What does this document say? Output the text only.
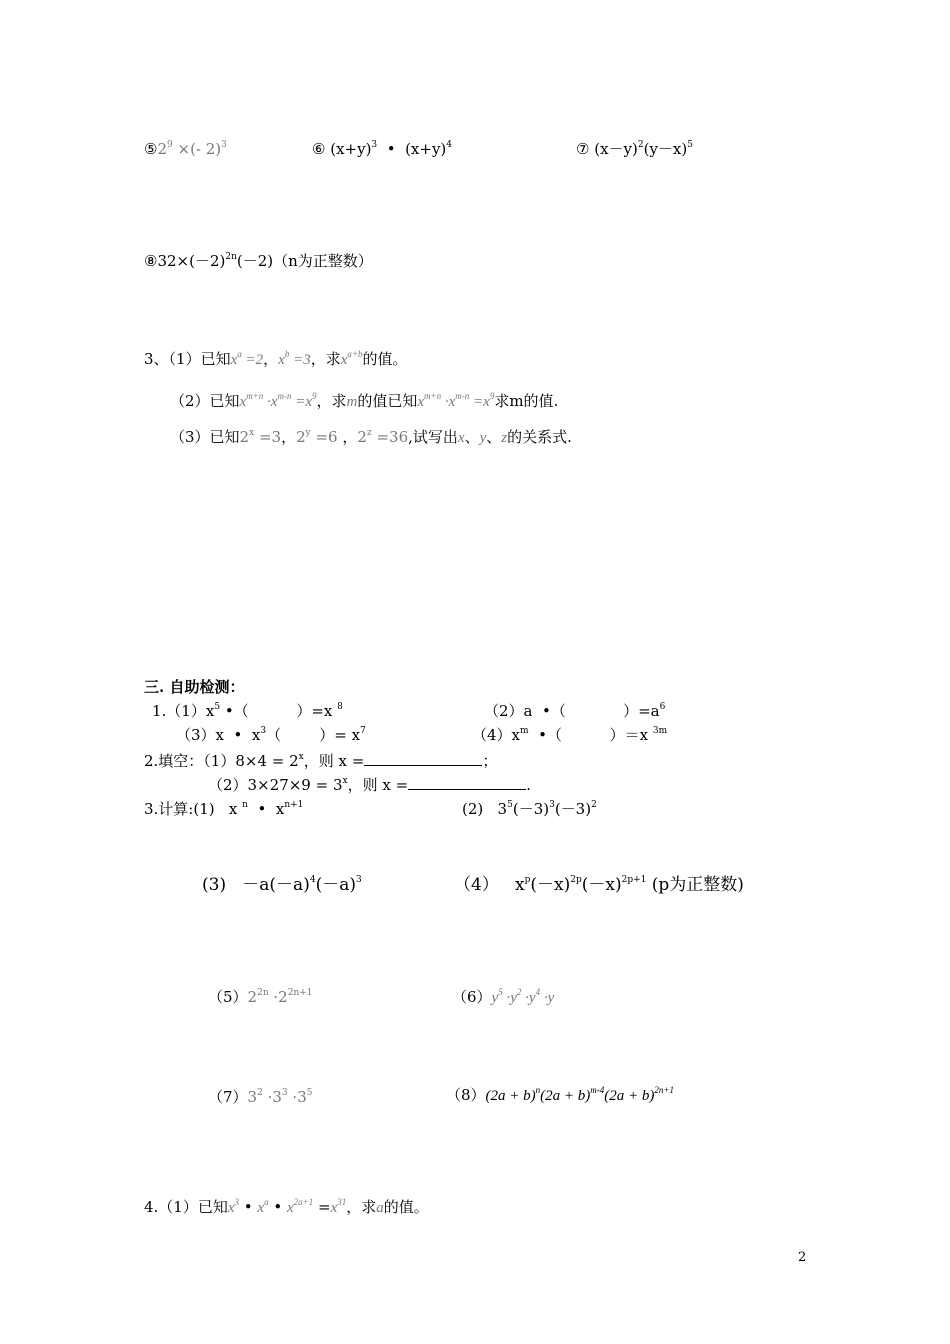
$⑤2^9$ ×(- 2)$^3$	⑥ $(x+y)^3$  •  $(x+y)^4$	⑦ $(x-y)^2(y-x)^5$
$⑧32\times(-2)^{2n}(-2)(n$为正整数）
3、（1）已知$x^a =2$，$x^b =3$，求$x^{a+b}$的值。
（2）已知$x^{m+n} \cdot x^{m-n} =x^9$，求m的值已知$x^{m+n} \cdot x^{m-n} =x^9$求m的值.
（3）已知$2^x =3$，$2^y =6$ ，$2^z =36$,试写出x、y、z的关系式.
三. 自助检测：
$1.(1)x^5$ •（          ）=x $^8$	（2）a  •（            ）$=a^6$
（3）x  •  $x^3$（        ）= $x^7$	$(4)x^m$  •（          ）＝x $^{3m}$
2.填空：$(1)8\times 4 = 2^x$，则 x =	；
$(2)3\times 27\times 9 = 3^x$，则 x =	.
3.计算:(1)   x $^n$  •  $x^{n+1}$	(2)   $3^5(-3)^3(-3)^2$
$(3) -a(-a)^4(-a)^3$	（4）   $x^p(-x)^{2p}(-x)^{2p+1}$ (p为正整数)
$(5)2^{2n} \cdot 2^{2n+1}$	$(6)y^5 \cdot y^2 \cdot y^4 \cdot y$
$(7)3^2 \cdot 3^3 \cdot 3^5$	$(8)(2a + b)^n(2a + b)^{m-4}(2a + b)^{2n+1}$
4.（1）已知$x^3$ • $x^a$ • $x^{2a+1} =x^{31}$，求a的值。
2
